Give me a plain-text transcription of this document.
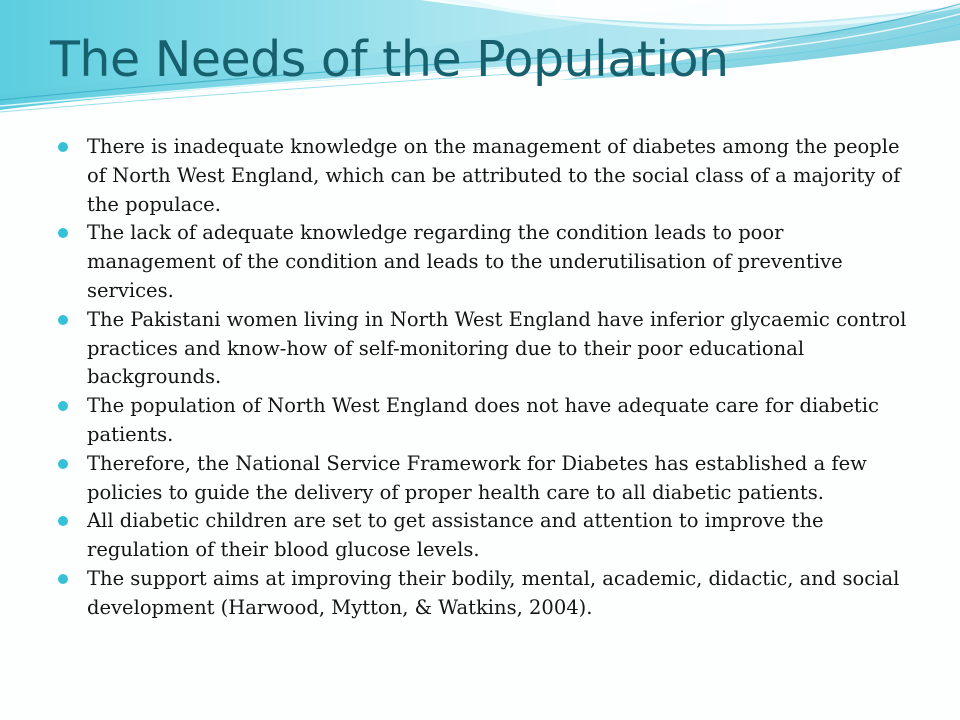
The Needs of the Population
There is inadequate knowledge on the management of diabetes among the people of North West England, which can be attributed to the social class of a majority of the populace.
The lack of adequate knowledge regarding the condition leads to poor management of the condition and leads to the underutilisation of preventive services.
The Pakistani women living in North West England have inferior glycaemic control practices and know-how of self-monitoring due to their poor educational backgrounds.
The population of North West England does not have adequate care for diabetic patients.
Therefore, the National Service Framework for Diabetes has established a few policies to guide the delivery of proper health care to all diabetic patients.
All diabetic children are set to get assistance and attention to improve the regulation of their blood glucose levels.
The support aims at improving their bodily, mental, academic, didactic, and social development (Harwood, Mytton, & Watkins, 2004).
